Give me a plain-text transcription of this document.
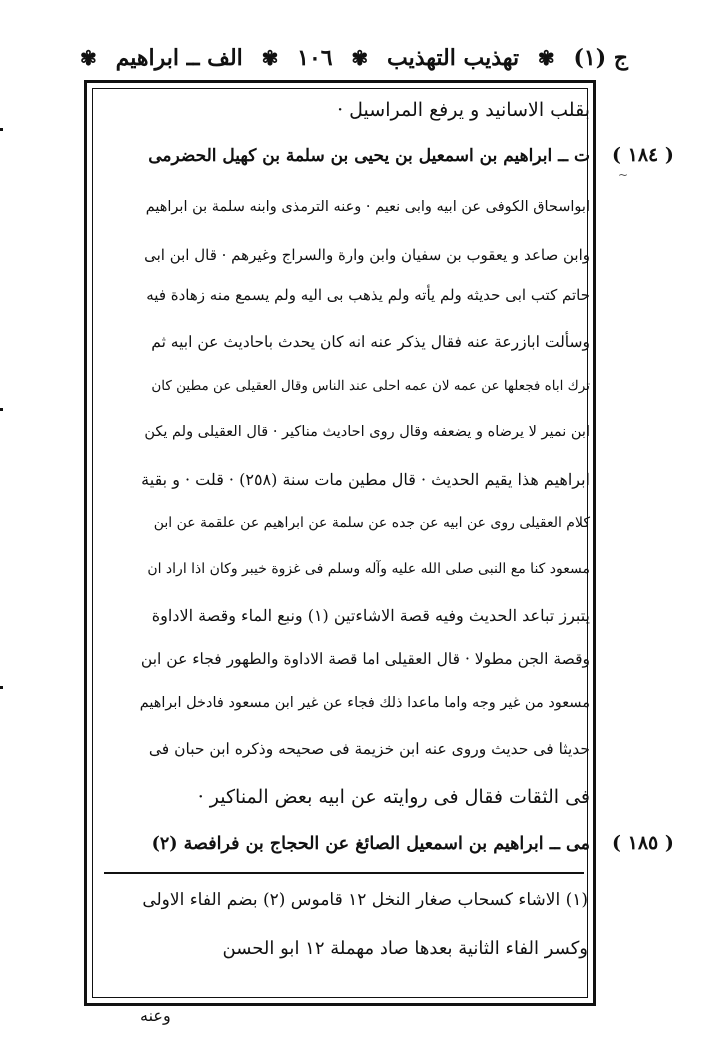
ج (١)
✾
تهذيب التهذيب
✾
١٠٦
✾
الف ــ ابراهيم
✾
بقلب الاسانيد و يرفع المراسيل ·
ت ــ ابراهيم بن اسمعيل بن يحيى بن سلمة بن كهيل الحضرمى
ابواسحاق الكوفى عن ابيه وابى نعيم · وعنه الترمذى وابنه سلمة بن ابراهيم
وابن صاعد و يعقوب بن سفيان وابن وارة والسراج وغيرهم · قال ابن ابى
حاتم كتب ابى حديثه ولم يأته ولم يذهب بى اليه ولم يسمع منه زهادة فيه
وسألت ابازرعة عنه فقال يذكر عنه انه كان يحدث باحاديث عن ابيه ثم
ترك اباه فجعلها عن عمه لان عمه احلى عند الناس وقال العقيلى عن مطين كان
ابن نمير لا يرضاه و يضعفه وقال روى احاديث مناكير · قال العقيلى ولم يكن
ابراهيم هذا يقيم الحديث · قال مطين مات سنة (٢٥٨) · قلت · و بقية
كلام العقيلى روى عن ابيه عن جده عن سلمة عن ابراهيم عن علقمة عن ابن
مسعود كنا مع النبى صلى الله عليه وآله وسلم فى غزوة خيبر وكان اذا اراد ان
يتبرز تباعد الحديث وفيه قصة الاشاءتين (١) ونبع الماء وقصة الاداوة
وقصة الجن مطولا · قال العقيلى اما قصة الاداوة والطهور فجاء عن ابن
مسعود من غير وجه واما ماعدا ذلك فجاء عن غير ابن مسعود فادخل ابراهيم
حديثا فى حديث وروى عنه ابن خزيمة فى صحيحه وذكره ابن حبان فى
فى الثقات فقال فى روايته عن ابيه بعض المناكير ·
مى ــ ابراهيم بن اسمعيل الصائغ عن الحجاج بن فرافصة (٢)
( ١٨٤ )
( ١٨٥ )
(١) الاشاء كسحاب صغار النخل ١٢ قاموس (٢) بضم الفاء الاولى
وكسر الفاء الثانية بعدها صاد مهملة ١٢ ابو الحسن
وعنه
~
